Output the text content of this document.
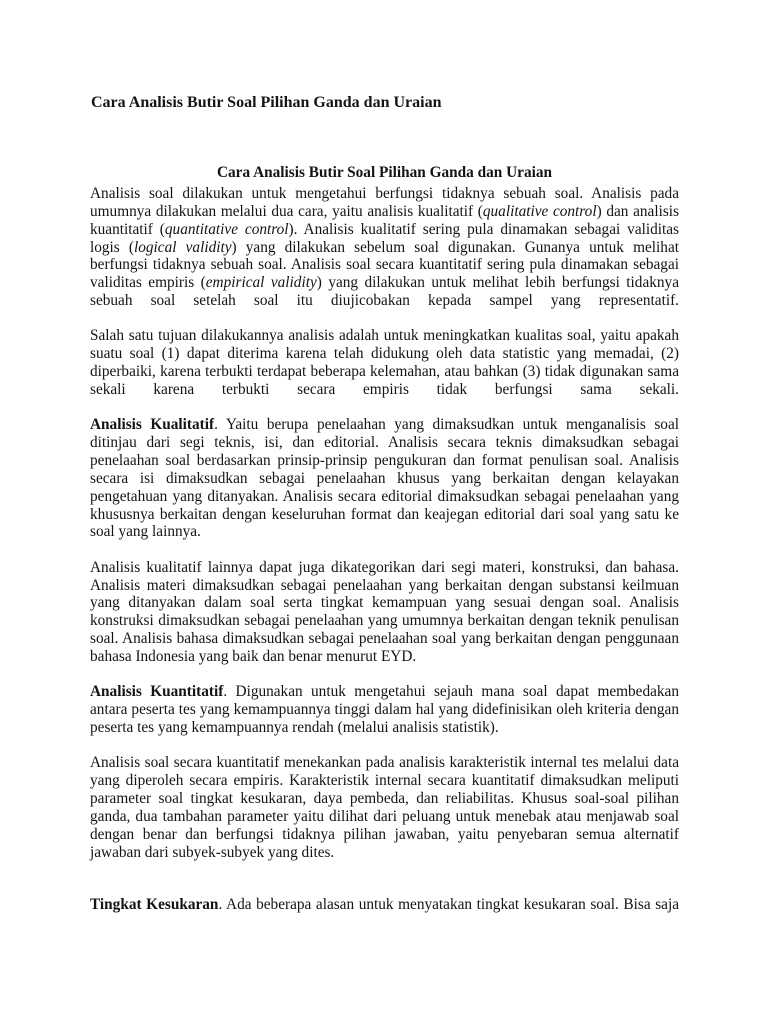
Cara Analisis Butir Soal Pilihan Ganda dan Uraian
Cara Analisis Butir Soal Pilihan Ganda dan Uraian

Analisis soal dilakukan untuk mengetahui berfungsi tidaknya sebuah soal. Analisis pada umumnya dilakukan melalui dua cara, yaitu analisis kualitatif (qualitative control) dan analisis kuantitatif (quantitative control). Analisis kualitatif sering pula dinamakan sebagai validitas logis (logical validity) yang dilakukan sebelum soal digunakan. Gunanya untuk melihat berfungsi tidaknya sebuah soal. Analisis soal secara kuantitatif sering pula dinamakan sebagai validitas empiris (empirical validity) yang dilakukan untuk melihat lebih berfungsi tidaknya sebuah soal setelah soal itu diujicobakan kepada sampel yang representatif.

Salah satu tujuan dilakukannya analisis adalah untuk meningkatkan kualitas soal, yaitu apakah suatu soal (1) dapat diterima karena telah didukung oleh data statistic yang memadai, (2) diperbaiki, karena terbukti terdapat beberapa kelemahan, atau bahkan (3) tidak digunakan sama sekali karena terbukti secara empiris tidak berfungsi sama sekali.

Analisis Kualitatif. Yaitu berupa penelaahan yang dimaksudkan untuk menganalisis soal ditinjau dari segi teknis, isi, dan editorial. Analisis secara teknis dimaksudkan sebagai penelaahan soal berdasarkan prinsip-prinsip pengukuran dan format penulisan soal. Analisis secara isi dimaksudkan sebagai penelaahan khusus yang berkaitan dengan kelayakan pengetahuan yang ditanyakan. Analisis secara editorial dimaksudkan sebagai penelaahan yang khususnya berkaitan dengan keseluruhan format dan keajegan editorial dari soal yang satu ke soal yang lainnya.

Analisis kualitatif lainnya dapat juga dikategorikan dari segi materi, konstruksi, dan bahasa. Analisis materi dimaksudkan sebagai penelaahan yang berkaitan dengan substansi keilmuan yang ditanyakan dalam soal serta tingkat kemampuan yang sesuai dengan soal. Analisis konstruksi dimaksudkan sebagai penelaahan yang umumnya berkaitan dengan teknik penulisan soal. Analisis bahasa dimaksudkan sebagai penelaahan soal yang berkaitan dengan penggunaan bahasa Indonesia yang baik dan benar menurut EYD.

Analisis Kuantitatif. Digunakan untuk mengetahui sejauh mana soal dapat membedakan antara peserta tes yang kemampuannya tinggi dalam hal yang didefinisikan oleh kriteria dengan peserta tes yang kemampuannya rendah (melalui analisis statistik).

Analisis soal secara kuantitatif menekankan pada analisis karakteristik internal tes melalui data yang diperoleh secara empiris. Karakteristik internal secara kuantitatif dimaksudkan meliputi parameter soal tingkat kesukaran, daya pembeda, dan reliabilitas. Khusus soal-soal pilihan ganda, dua tambahan parameter yaitu dilihat dari peluang untuk menebak atau menjawab soal dengan benar dan berfungsi tidaknya pilihan jawaban, yaitu penyebaran semua alternatif jawaban dari subyek-subyek yang dites.

Tingkat Kesukaran. Ada beberapa alasan untuk menyatakan tingkat kesukaran soal. Bisa saja
